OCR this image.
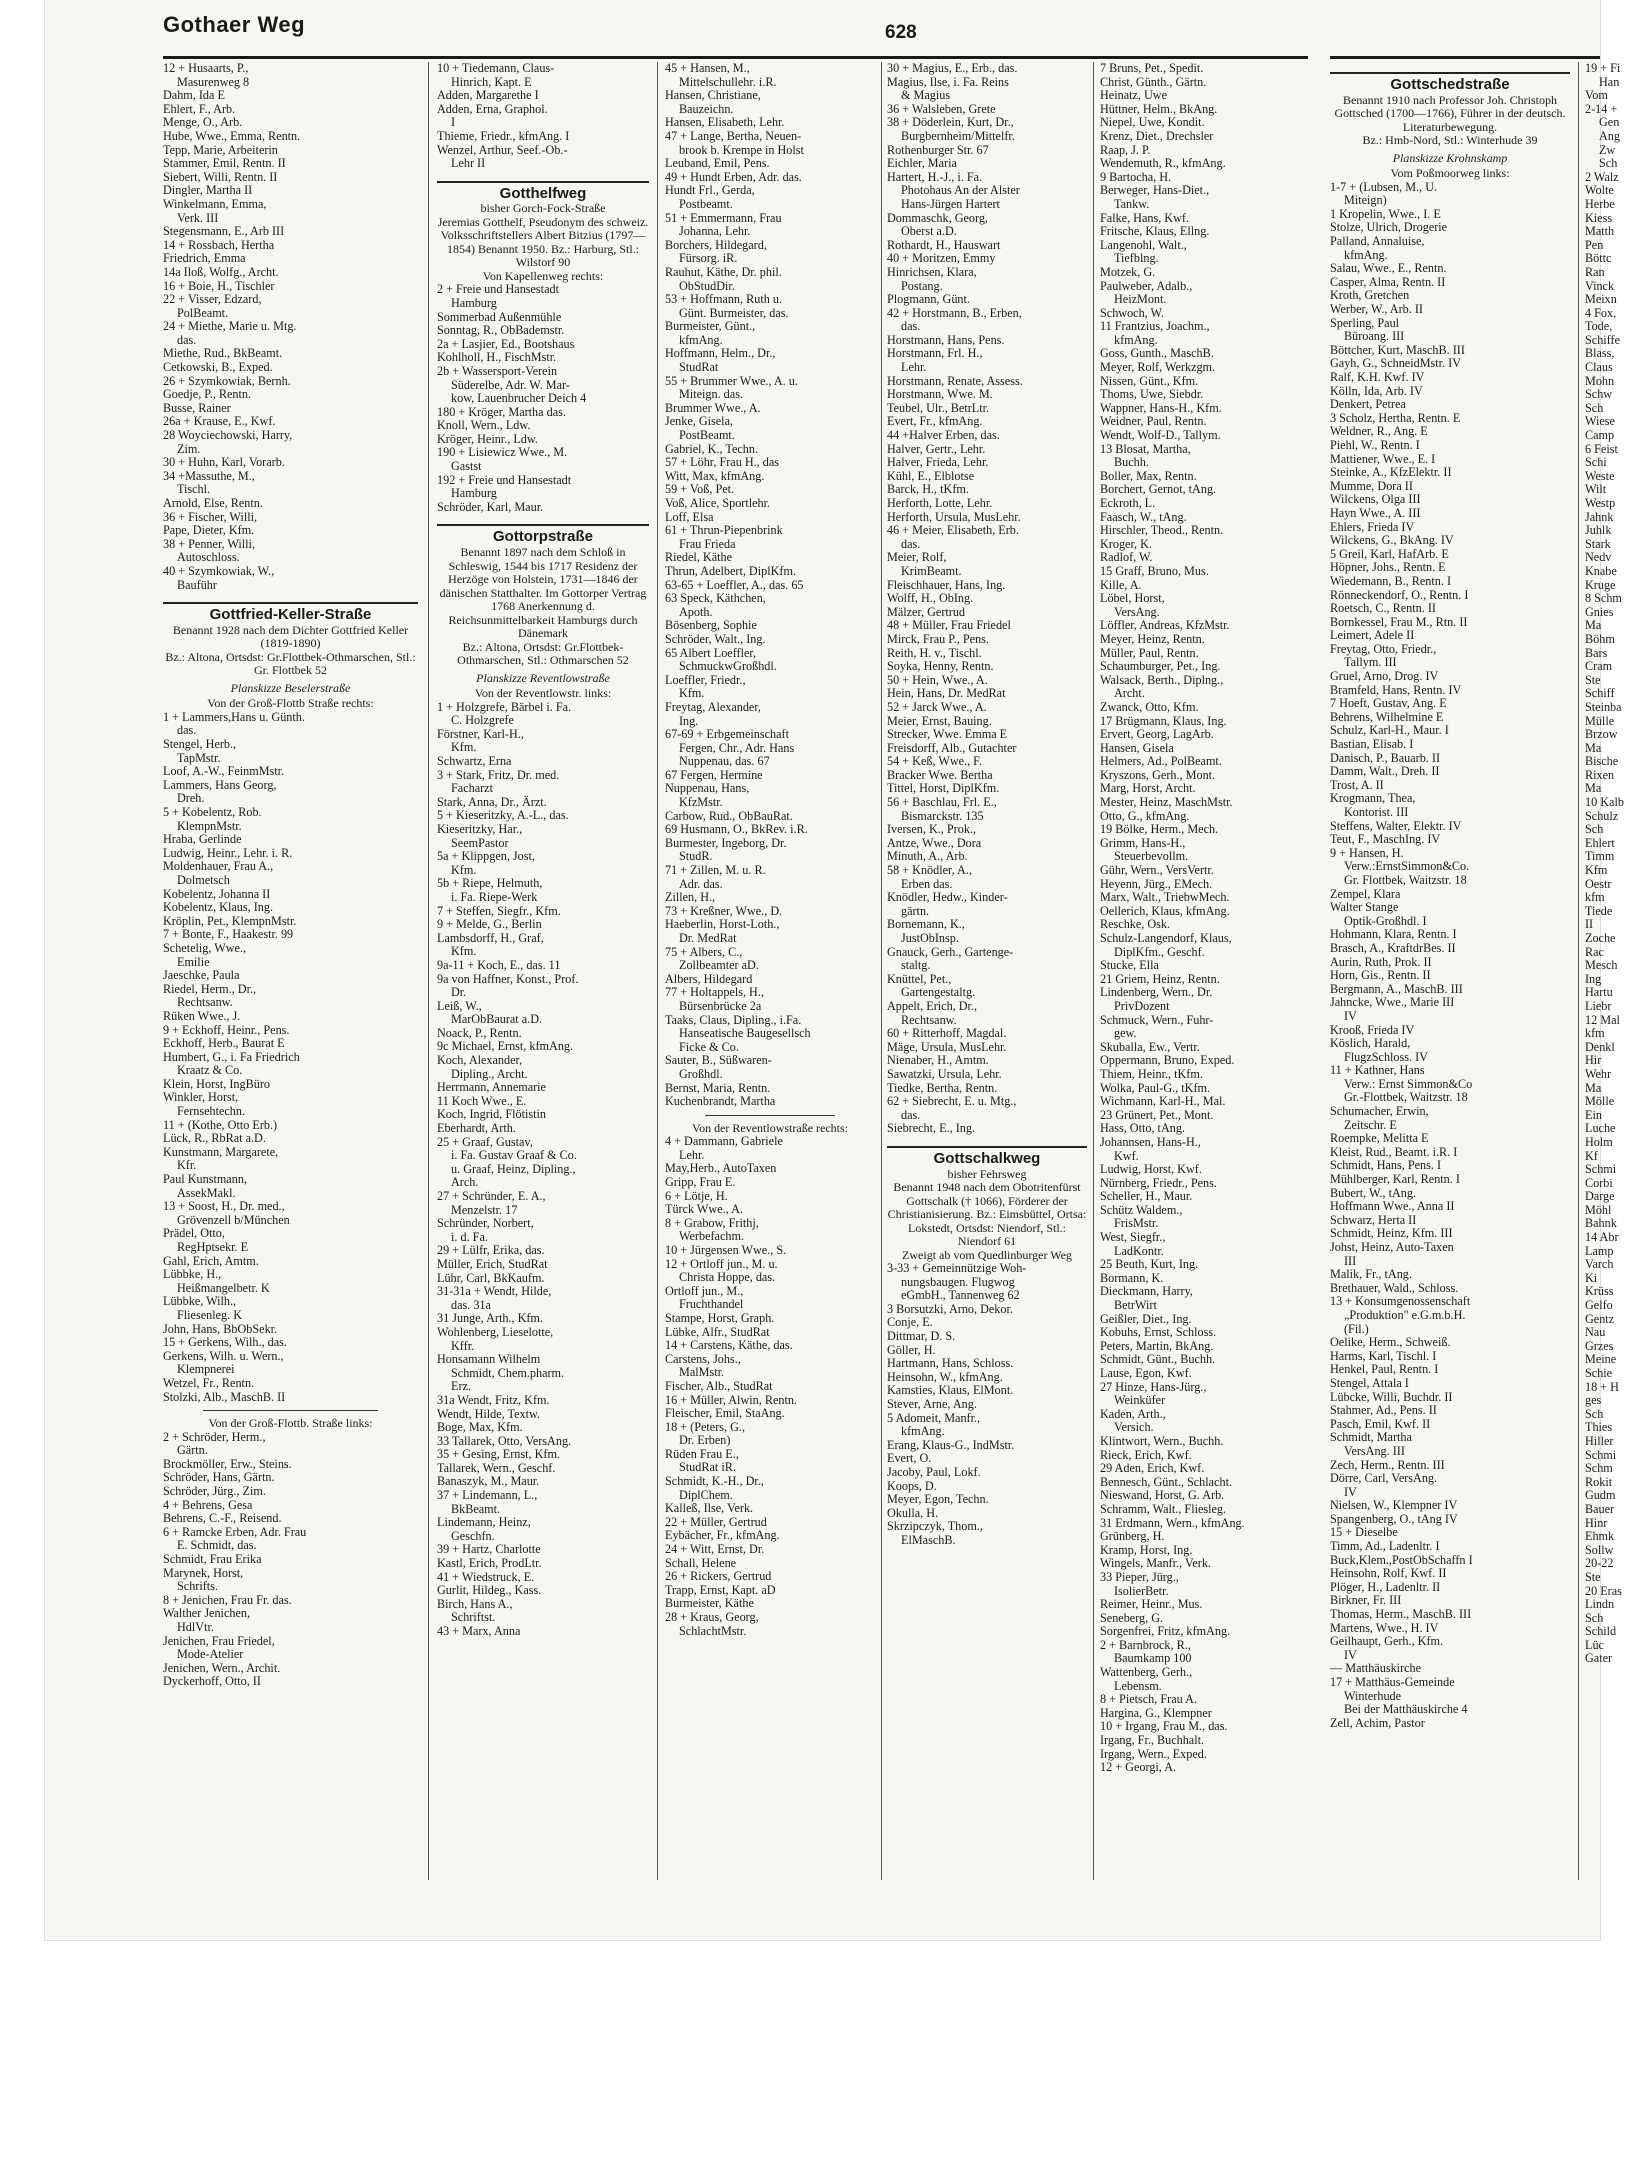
Gothaer Weg	628
12 + Husaarts, P.,
Masurenweg 8
Dahm, Ida E
Ehlert, F., Arb.
Menge, O., Arb.
Hube, Wwe., Emma, Rentn.
Tepp, Marie, Arbeiterin
Stammer, Emil, Rentn. II
Siebert, Willi, Rentn. II
Dingler, Martha II
Winkelmann, Emma,
Verk. III
Stegensmann, E., Arb III
14 + Rossbach, Hertha
Friedrich, Emma
14a Iloß, Wolfg., Archt.
16 + Boie, H., Tischler
22 + Visser, Edzard,
PolBeamt.
24 + Miethe, Marie u. Mtg.
das.
Miethe, Rud., BkBeamt.
Cetkowski, B., Exped.
26 + Szymkowiak, Bernh.
Goedje, P., Rentn.
Busse, Rainer
26a + Krause, E., Kwf.
28 Woyciechowski, Harry,
Zim.
30 + Huhn, Karl, Vorarb.
34 +Massuthe, M.,
Tischl.
Arnold, Else, Rentn.
36 + Fischer, Willi,
Pape, Dieter, Kfm.
38 + Penner, Willi,
Autoschloss.
40 + Szymkowiak, W.,
Bauführ
Gottfried-Keller-Straße
Benannt 1928 nach dem Dichter Gottfried Keller (1819-1890)
Bz.: Altona, Ortsdst: Gr.Flottbek-Othmarschen, Stl.: Gr. Flottbek 52
Planskizze Beselerstraße
Von der Groß-Flottb Straße rechts:
1 + Lammers,Hans u. Günth.
das.
Stengel, Herb.,
TapMstr.
Loof, A.-W., FeinmMstr.
Lammers, Hans Georg,
Dreh.
5 + Kobelentz, Rob.
KlempnMstr.
Hraba, Gerlinde
Ludwig, Heinr., Lehr. i. R.
Moldenhauer, Frau A.,
Dolmetsch
Kobelentz, Johanna II
Kobelentz, Klaus, Ing.
Kröplin, Pet., KlempnMstr.
7 + Bonte, F., Haakestr. 99
Schetelig, Wwe.,
Emilie
Jaeschke, Paula
Riedel, Herm., Dr.,
Rechtsanw.
Rüken Wwe., J.
9 + Eckhoff, Heinr., Pens.
Eckhoff, Herb., Baurat E
Humbert, G., i. Fa Friedrich
Kraatz & Co.
Klein, Horst, IngBüro
Winkler, Horst,
Fernsehtechn.
11 + (Kothe, Otto Erb.)
Lück, R., RbRat a.D.
Kunstmann, Margarete,
Kfr.
Paul Kunstmann,
AssekMakl.
13 + Soost, H., Dr. med.,
Grövenzell b/München
Prädel, Otto,
RegHptsekr. E
Gahl, Erich, Amtm.
Lübbke, H.,
Heißmangelbetr. K
Lübbke, Wilh.,
Fliesenleg. K
John, Hans, BbObSekr.
15 + Gerkens, Wilh., das.
Gerkens, Wilh. u. Wern.,
Klempnerei
Wetzel, Fr., Rentn.
Stolzki, Alb., MaschB. II
Von der Groß-Flottb. Straße links:
2 + Schröder, Herm.,
Gärtn.
Brockmöller, Erw., Steins.
Schröder, Hans, Gärtn.
Schröder, Jürg., Zim.
4 + Behrens, Gesa
Behrens, C.-F., Reisend.
6 + Ramcke Erben, Adr. Frau
E. Schmidt, das.
Schmidt, Frau Erika
Marynek, Horst,
Schrifts.
8 + Jenichen, Frau Fr. das.
Walther Jenichen,
HdlVtr.
Jenichen, Frau Friedel,
Mode-Atelier
Jenichen, Wern., Archit.
Dyckerhoff, Otto, II
10 + Tiedemann, Claus-
Hinrich, Kapt. E
Adden, Margarethe I
Adden, Erna, Graphol.
I
Thieme, Friedr., kfmAng. I
Wenzel, Arthur, Seef.-Ob.-
Lehr II
Gotthelfweg
bisher Gorch-Fock-Straße
Jeremias Gotthelf, Pseudonym des schweiz. Volksschriftstellers Albert Bitzius (1797—1854) Benannt 1950. Bz.: Harburg, Stl.: Wilstorf 90
Von Kapellenweg rechts:
2 + Freie und Hansestadt
Hamburg
Sommerbad Außenmühle
Sonntag, R., ObBademstr.
2a + Lasjier, Ed., Bootshaus
Kohlholl, H., FischMstr.
2b + Wassersport-Verein
Süderelbe, Adr. W. Mar-
kow, Lauenbrucher Deich 4
180 + Kröger, Martha das.
Knoll, Wern., Ldw.
Kröger, Heinr., Ldw.
190 + Lisiewicz Wwe., M.
Gastst
192 + Freie und Hansestadt
Hamburg
Schröder, Karl, Maur.
Gottorpstraße
Benannt 1897 nach dem Schloß in Schleswig, 1544 bis 1717 Residenz der Herzöge von Holstein, 1731—1846 der dänischen Statthalter. Im Gottorper Vertrag 1768 Anerkennung d. Reichsunmittelbarkeit Hamburgs durch Dänemark
Bz.: Altona, Ortsdst: Gr.Flottbek-Othmarschen, Stl.: Othmarschen 52
Planskizze Reventlowstraße
Von der Reventlowstr. links:
1 + Holzgrefe, Bärbel i. Fa.
C. Holzgrefe
Förstner, Karl-H.,
Kfm.
Schwartz, Erna
3 + Stark, Fritz, Dr. med.
Facharzt
Stark, Anna, Dr., Ärzt.
5 + Kieseritzky, A.-L., das.
Kieseritzky, Har.,
SeemPastor
5a + Klippgen, Jost,
Kfm.
5b + Riepe, Helmuth,
i. Fa. Riepe-Werk
7 + Steffen, Siegfr., Kfm.
9 + Melde, G., Berlin
Lambsdorff, H., Graf,
Kfm.
9a-11 + Koch, E., das. 11
9a von Haffner, Konst., Prof.
Dr.
Leiß, W.,
MarObBaurat a.D.
Noack, P., Rentn.
9c Michael, Ernst, kfmAng.
Koch, Alexander,
Dipling., Archt.
Herrmann, Annemarie
11 Koch Wwe., E.
Koch, Ingrid, Flötistin
Eberhardt, Arth.
25 + Graaf, Gustav,
i. Fa. Gustav Graaf & Co.
u. Graaf, Heinz, Dipling.,
Arch.
27 + Schründer, E. A.,
Menzelstr. 17
Schründer, Norbert,
i. d. Fa.
29 + Lülfr, Erika, das.
Müller, Erich, StudRat
Lühr, Carl, BkKaufm.
31-31a + Wendt, Hilde,
das. 31a
31 Junge, Arth., Kfm.
Wohlenberg, Lieselotte,
Kffr.
Honsamann Wilhelm
Schmidt, Chem.pharm.
Erz.
31a Wendt, Fritz, Kfm.
Wendt, Hilde, Textw.
Boge, Max, Kfm.
33 Tallarek, Otto, VersAng.
35 + Gesing, Ernst, Kfm.
Tallarek, Wern., Geschf.
Banaszyk, M., Maur.
37 + Lindemann, L.,
BkBeamt.
Lindemann, Heinz,
Geschfn.
39 + Hartz, Charlotte
Kastl, Erich, ProdLtr.
41 + Wiedstruck, E.
Gurlit, Hildeg., Kass.
Birch, Hans A.,
Schriftst.
43 + Marx, Anna
45 + Hansen, M.,
Mittelschullehr. i.R.
Hansen, Christiane,
Bauzeichn.
Hansen, Elisabeth, Lehr.
47 + Lange, Bertha, Neuen-
brook b. Krempe in Holst
Leuband, Emil, Pens.
49 + Hundt Erben, Adr. das.
Hundt Frl., Gerda,
Postbeamt.
51 + Emmermann, Frau
Johanna, Lehr.
Borchers, Hildegard,
Fürsorg. iR.
Rauhut, Käthe, Dr. phil.
ObStudDir.
53 + Hoffmann, Ruth u.
Günt. Burmeister, das.
Burmeister, Günt.,
kfmAng.
Hoffmann, Helm., Dr.,
StudRat
55 + Brummer Wwe., A. u.
Miteign. das.
Brummer Wwe., A.
Jenke, Gisela,
PostBeamt.
Gabriel, K., Techn.
57 + Löhr, Frau H., das
Witt, Max, kfmAng.
59 + Voß, Pet.
Voß, Alice, Sportlehr.
Loff, Elsa
61 + Thrun-Piepenbrink
Frau Frieda
Riedel, Käthe
Thrun, Adelbert, DiplKfm.
63-65 + Loeffler, A., das. 65
63 Speck, Käthchen,
Apoth.
Bösenberg, Sophie
Schröder, Walt., Ing.
65 Albert Loeffler,
SchmuckwGroßhdl.
Loeffler, Friedr.,
Kfm.
Freytag, Alexander,
Ing.
67-69 + Erbgemeinschaft
Fergen, Chr., Adr. Hans
Nuppenau, das. 67
67 Fergen, Hermine
Nuppenau, Hans,
KfzMstr.
Carbow, Rud., ObBauRat.
69 Husmann, O., BkRev. i.R.
Burmester, Ingeborg, Dr.
StudR.
71 + Zillen, M. u. R.
Adr. das.
Zillen, H.,
73 + Kreßner, Wwe., D.
Haeberlin, Horst-Loth.,
Dr. MedRat
75 + Albers, C.,
Zollbeamter aD.
Albers, Hildegard
77 + Holtappels, H.,
Bürsenbrücke 2a
Taaks, Claus, Dipling., i.Fa.
Hanseatische Baugesellsch
Ficke & Co.
Sauter, B., Süßwaren-
Großhdl.
Bernst, Maria, Rentn.
Kuchenbrandt, Martha
Von der Reventlowstraße rechts:
4 + Dammann, Gabriele
Lehr.
May,Herb., AutoTaxen
Gripp, Frau E.
6 + Lötje, H.
Türck Wwe., A.
8 + Grabow, Frithj,
Werbefachm.
10 + Jürgensen Wwe., S.
12 + Ortloff jun., M. u.
Christa Hoppe, das.
Ortloff jun., M.,
Fruchthandel
Stampe, Horst, Graph.
Lübke, Alfr., StudRat
14 + Carstens, Käthe, das.
Carstens, Johs.,
MalMstr.
Fischer, Alb., StudRat
16 + Müller, Alwin, Rentn.
Fleischer, Emil, StaAng.
18 + (Peters, G.,
Dr. Erben)
Rüden Frau E.,
StudRat iR.
Schmidt, K.-H., Dr.,
DiplChem.
Kalleß, Ilse, Verk.
22 + Müller, Gertrud
Eybächer, Fr., kfmAng.
24 + Witt, Ernst, Dr.
Schall, Helene
26 + Rickers, Gertrud
Trapp, Ernst, Kapt. aD
Burmeister, Käthe
28 + Kraus, Georg,
SchlachtMstr.
30 + Magius, E., Erb., das.
Magius, Ilse, i. Fa. Reins
& Magius
36 + Walsleben, Grete
38 + Döderlein, Kurt, Dr.,
Burgbernheim/Mittelfr.
Rothenburger Str. 67
Eichler, Maria
Hartert, H.-J., i. Fa.
Photohaus An der Alster
Hans-Jürgen Hartert
Dommaschk, Georg,
Oberst a.D.
Rothardt, H., Hauswart
40 + Moritzen, Emmy
Hinrichsen, Klara,
Postang.
Plogmann, Günt.
42 + Horstmann, B., Erben,
das.
Horstmann, Hans, Pens.
Horstmann, Frl. H.,
Lehr.
Horstmann, Renate, Assess.
Horstmann, Wwe. M.
Teubel, Ulr., BetrLtr.
Evert, Fr., kfmAng.
44 +Halver Erben, das.
Halver, Gertr., Lehr.
Halver, Frieda, Lehr.
Kühl, E., Elblotse
Barck, H., tKfm.
Herforth, Lotte, Lehr.
Herforth, Ursula, MusLehr.
46 + Meier, Elisabeth, Erb.
das.
Meier, Rolf,
KrimBeamt.
Fleischhauer, Hans, Ing.
Wolff, H., ObIng.
Mälzer, Gertrud
48 + Müller, Frau Friedel
Mirck, Frau P., Pens.
Reith, H. v., Tischl.
Soyka, Henny, Rentn.
50 + Hein, Wwe., A.
Hein, Hans, Dr. MedRat
52 + Jarck Wwe., A.
Meier, Ernst, Bauing.
Strecker, Wwe. Emma E
Freisdorff, Alb., Gutachter
54 + Keß, Wwe., F.
Bracker Wwe. Bertha
Tittel, Horst, DiplKfm.
56 + Baschlau, Frl. E.,
Bismarckstr. 135
Iversen, K., Prok.,
Antze, Wwe., Dora
Minuth, A., Arb.
58 + Knödler, A.,
Erben das.
Knödler, Hedw., Kinder-
gärtn.
Bornemann, K.,
JustObInsp.
Gnauck, Gerh., Gartenge-
staltg.
Knüttel, Pet.,
Gartengestaltg.
Appelt, Erich, Dr.,
Rechtsanw.
60 + Ritterhoff, Magdal.
Mäge, Ursula, MusLehr.
Nienaber, H., Amtm.
Sawatzki, Ursula, Lehr.
Tiedke, Bertha, Rentn.
62 + Siebrecht, E. u. Mtg.,
das.
Siebrecht, E., Ing.
Gottschalkweg
bisher Fehrsweg
Benannt 1948 nach dem Obotritenfürst Gottschalk († 1066), Förderer der Christianisierung. Bz.: Eimsbüttel, Ortsa: Lokstedt, Ortsdst: Niendorf, Stl.: Niendorf 61
Zweigt ab vom Quedlinburger Weg
3-33 + Gemeinnützige Woh-
nungsbaugen. Flugwog
eGmbH., Tannenweg 62
3 Borsutzki, Arno, Dekor.
Conje, E.
Dittmar, D. S.
Göller, H.
Hartmann, Hans, Schloss.
Heinsohn, W., kfmAng.
Kamsties, Klaus, ElMont.
Stever, Arne, Ang.
5 Adomeit, Manfr.,
kfmAng.
Erang, Klaus-G., IndMstr.
Evert, O.
Jacoby, Paul, Lokf.
Koops, D.
Meyer, Egon, Techn.
Okulla, H.
Skrzipczyk, Thom.,
ElMaschB.
7 Bruns, Pet., Spedit.
Christ, Günth., Gärtn.
Heinatz, Uwe
Hüttner, Helm., BkAng.
Niepel, Uwe, Kondit.
Krenz, Diet., Drechsler
Raap, J. P.
Wendemuth, R., kfmAng.
9 Bartocha, H.
Berweger, Hans-Diet.,
Tankw.
Falke, Hans, Kwf.
Fritsche, Klaus, Ellng.
Langenohl, Walt.,
Tiefblng.
Motzek, G.
Paulweber, Adalb.,
HeizMont.
Schwoch, W.
11 Frantzius, Joachm.,
kfmAng.
Goss, Gunth., MaschB.
Meyer, Rolf, Werkzgm.
Nissen, Günt., Kfm.
Thoms, Uwe, Siebdr.
Wappner, Hans-H., Kfm.
Weidner, Paul, Rentn.
Wendt, Wolf-D., Tallym.
13 Blosat, Martha,
Buchh.
Boller, Max, Rentn.
Borchert, Gernot, tAng.
Eckroth, L.
Faasch, W., tAng.
Hirschler, Theod., Rentn.
Kroger, K.
Radlof, W.
15 Graff, Bruno, Mus.
Kille, A.
Löbel, Horst,
VersAng.
Löffler, Andreas, KfzMstr.
Meyer, Heinz, Rentn.
Müller, Paul, Rentn.
Schaumburger, Pet., Ing.
Walsack, Berth., Diplng.,
Archt.
Zwanck, Otto, Kfm.
17 Brügmann, Klaus, Ing.
Ervert, Georg, LagArb.
Hansen, Gisela
Helmers, Ad., PolBeamt.
Kryszons, Gerh., Mont.
Marg, Horst, Archt.
Mester, Heinz, MaschMstr.
Otto, G., kfmAng.
19 Bölke, Herm., Mech.
Grimm, Hans-H.,
Steuerbevollm.
Gühr, Wern., VersVertr.
Heyenn, Jürg., EMech.
Marx, Walt., TriebwMech.
Oellerich, Klaus, kfmAng.
Reschke, Osk.
Schulz-Langendorf, Klaus,
DiplKfm., Geschf.
Stucke, Ella
21 Griem, Heinz, Rentn.
Lindenberg, Wern., Dr.
PrivDozent
Schmuck, Wern., Fuhr-
gew.
Skuballa, Ew., Vertr.
Oppermann, Bruno, Exped.
Thiem, Heinr., tKfm.
Wolka, Paul-G., tKfm.
Wichmann, Karl-H., Mal.
23 Grünert, Pet., Mont.
Hass, Otto, tAng.
Johannsen, Hans-H.,
Kwf.
Ludwig, Horst, Kwf.
Nürnberg, Friedr., Pens.
Scheller, H., Maur.
Schütz Waldem.,
FrisMstr.
West, Siegfr.,
LadKontr.
25 Beuth, Kurt, Ing.
Bormann, K.
Dieckmann, Harry,
BetrWirt
Geißler, Diet., Ing.
Kobuhs, Ernst, Schloss.
Peters, Martin, BkAng.
Schmidt, Günt., Buchh.
Lause, Egon, Kwf.
27 Hinze, Hans-Jürg.,
Weinküfer
Kaden, Arth.,
Versich.
Klintwort, Wern., Buchh.
Rieck, Erich, Kwf.
29 Aden, Erich, Kwf.
Bennesch, Günt., Schlacht.
Nieswand, Horst, G. Arb.
Schramm, Walt., Fliesleg.
31 Erdmann, Wern., kfmAng.
Grünberg, H.
Kramp, Horst, Ing.
Wingels, Manfr., Verk.
33 Pieper, Jürg.,
IsolierBetr.
Reimer, Heinr., Mus.
Seneberg, G.
Sorgenfrei, Fritz, kfmAng.
2 + Barnbrock, R.,
Baumkamp 100
Wattenberg, Gerh.,
Lebensm.
8 + Pietsch, Frau A.
Hargina, G., Klempner
10 + Irgang, Frau M., das.
Irgang, Fr., Buchhalt.
Irgang, Wern., Exped.
12 + Georgi, A.
Gottschedstraße
Benannt 1910 nach Professor Joh. Christoph Gottsched (1700—1766), Führer in der deutsch. Literaturbewegung.
Bz.: Hmb-Nord, Stl.: Winterhude 39
Planskizze Krohnskamp
Vom Poßmoorweg links:
1-7 + (Lubsen, M., U.
Miteign)
1 Kropelin, Wwe., I. E
Stolze, Ulrich, Drogerie
Palland, Annaluise,
kfmAng.
Salau, Wwe., E., Rentn.
Casper, Alma, Rentn. II
Kroth, Gretchen
Werber, W., Arb. II
Sperling, Paul
Büroang. III
Böttcher, Kurt, MaschB. III
Gayh, G., SchneidMstr. IV
Ralf, K.H. Kwf. IV
Kölln, Ida, Arb. IV
Denkert, Petrea
3 Scholz, Hertha, Rentn. E
Weldner, R., Ang. E
Piehl, W., Rentn. I
Mattiener, Wwe., E. I
Steinke, A., KfzElektr. II
Mumme, Dora II
Wilckens, Olga III
Hayn Wwe., A. III
Ehlers, Frieda IV
Wilckens, G., BkAng. IV
5 Greil, Karl, HafArb. E
Höpner, Johs., Rentn. E
Wiedemann, B., Rentn. I
Rönneckendorf, O., Rentn. I
Roetsch, C., Rentn. II
Bornkessel, Frau M., Rtn. II
Leimert, Adele II
Freytag, Otto, Friedr.,
Tallym. III
Gruel, Arno, Drog. IV
Bramfeld, Hans, Rentn. IV
7 Hoeft, Gustav, Ang. E
Behrens, Wilhelmine E
Schulz, Karl-H., Maur. I
Bastian, Elisab. I
Danisch, P., Bauarb. II
Damm, Walt., Dreh. II
Trost, A. II
Krogmann, Thea,
Kontorist. III
Steffens, Walter, Elektr. IV
Teut, F., MaschIng. IV
9 + Hansen, H.
Verw.:ErnstSimmon&Co.
Gr. Flottbek, Waitzstr. 18
Zempel, Klara
Walter Stange
Optik-Großhdl. I
Hohmann, Klara, Rentn. I
Brasch, A., KraftdrBes. II
Aurin, Ruth, Prok. II
Horn, Gis., Rentn. II
Bergmann, A., MaschB. III
Jahncke, Wwe., Marie III
IV
Krooß, Frieda IV
Köslich, Harald,
FlugzSchloss. IV
11 + Kathner, Hans
Verw.: Ernst Simmon&Co
Gr.-Flottbek, Waitzstr. 18
Schumacher, Erwin,
Zeitschr. E
Roempke, Melitta E
Kleist, Rud., Beamt. i.R. I
Schmidt, Hans, Pens. I
Mühlberger, Karl, Rentn. I
Bubert, W., tAng.
Hoffmann Wwe., Anna II
Schwarz, Herta II
Schmidt, Heinz, Kfm. III
Johst, Heinz, Auto-Taxen
III
Malik, Fr., tAng.
Brethauer, Wald., Schloss.
13 + Konsumgenossenschaft
„Produktion" e.G.m.b.H.
(Fil.)
Oelike, Herm., Schweiß.
Harms, Karl, Tischl. I
Henkel, Paul, Rentn. I
Stengel, Attala I
Lübcke, Willi, Buchdr. II
Stahmer, Ad., Pens. II
Pasch, Emil, Kwf. II
Schmidt, Martha
VersAng. III
Zech, Herm., Rentn. III
Dörre, Carl, VersAng.
IV
Nielsen, W., Klempner IV
Spangenberg, O., tAng IV
15 + Dieselbe
Timm, Ad., Ladenltr. I
Buck,Klem.,PostObSchaffn I
Heinsohn, Rolf, Kwf. II
Plöger, H., Ladenltr. II
Birkner, Fr. III
Thomas, Herm., MaschB. III
Martens, Wwe., H. IV
Geilhaupt, Gerh., Kfm.
IV
— Matthäuskirche
17 + Matthäus-Gemeinde
Winterhude
Bei der Matthäuskirche 4
Zell, Achim, Pastor
19 + Fi
Han
Vom
2-14 +
Gen
Ang
Zw
Sch
2 Walz
Wolte
Herbe
Kiess
Matth
Pen
Böttc
Ran
Vinck
Meixn
4 Fox,
Tode,
Schiffe
Blass,
Claus
Mohn
Schw
Sch
Wiese
Camp
6 Feist
Schi
Weste
Wilt
Westp
Jahnk
Juhlk
Stark
Nedv
Knabe
Kruge
8 Schm
Gnies
Ma
Böhm
Bars
Cram
Ste
Schiff
Steinba
Mülle
Brzow
Ma
Bische
Rixen
Ma
10 Kalb
Schulz
Sch
Ehlert
Timm
Kfm
Oestr
kfm
Tiede
II
Zoche
Rac
Mesch
Ing
Hartu
Liebr
12 Mal
kfm
Denkl
Hir
Wehr
Ma
Mölle
Ein
Luche
Holm
Kf
Schmi
Corbi
Darge
Möhl
Bahnk
14 Abr
Lamp
Varch
Ki
Krüss
Gelfo
Gentz
Nau
Grzes
Meine
Schie
18 + H
ges
Sch
Thies
Hiller
Schmi
Schm
Rokit
Gudm
Bauer
Hinr
Ehmk
Sollw
20-22
Ste
20 Eras
Lindn
Sch
Schild
Lüc
Gater
